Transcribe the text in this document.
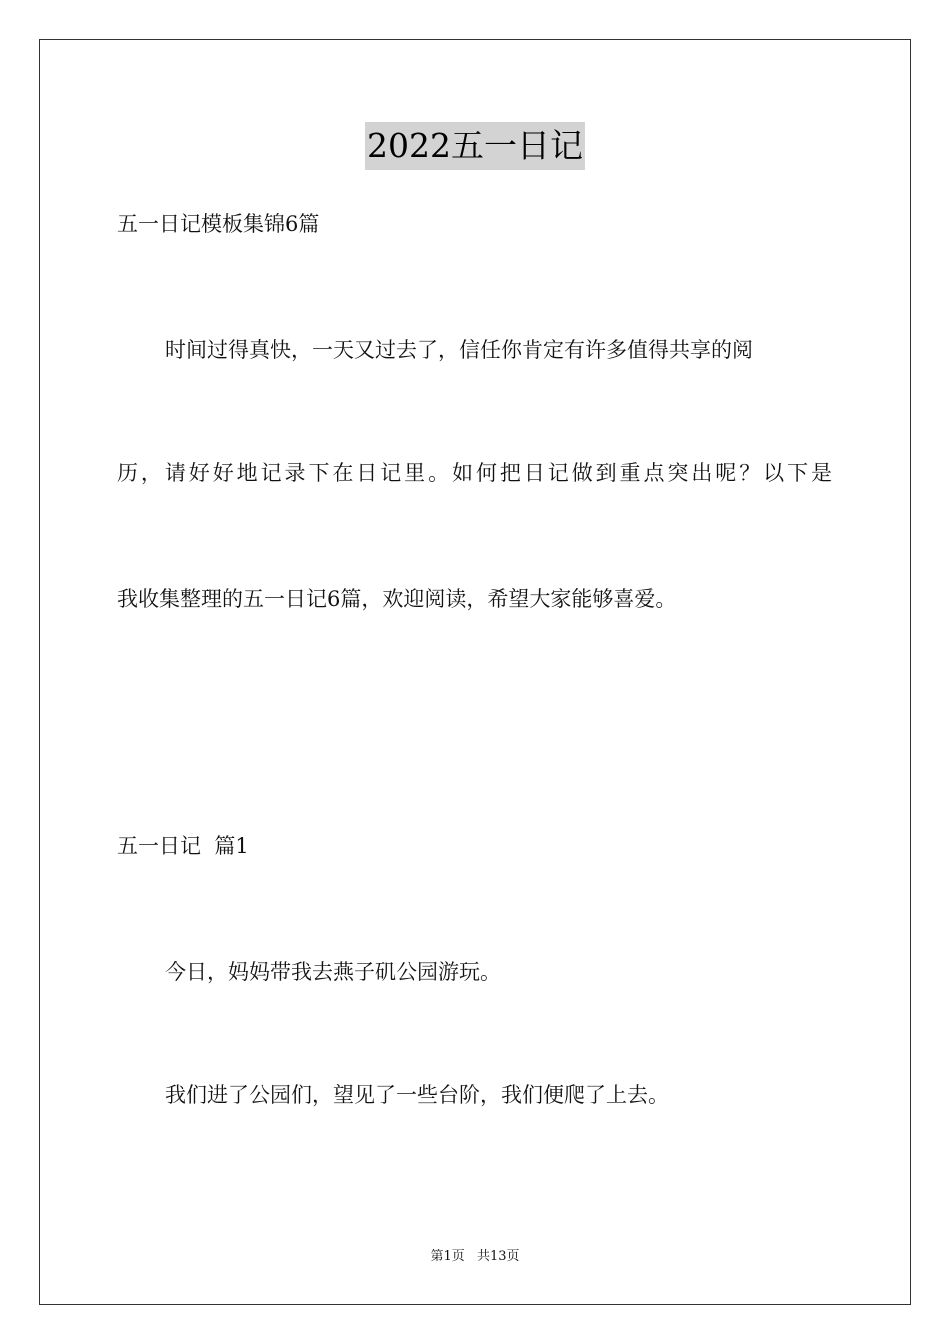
2022五一日记
五一日记模板集锦6篇
时间过得真快，一天又过去了，信任你肯定有许多值得共享的阅
历，请好好地记录下在日记里。如何把日记做到重点突出呢？以下是
我收集整理的五一日记6篇，欢迎阅读，希望大家能够喜爱。
五一日记  篇1
今日，妈妈带我去燕子矶公园游玩。
我们进了公园们，望见了一些台阶，我们便爬了上去。
第1页 共13页
